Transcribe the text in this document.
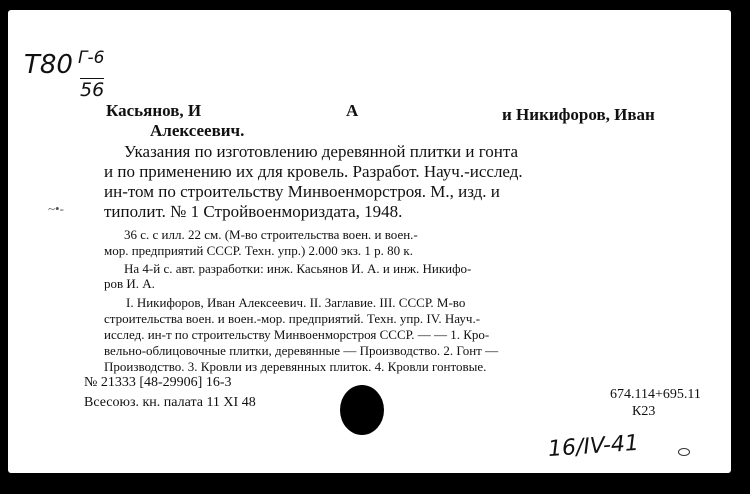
Т80 Г-6
56
Касьянов, И
Алексеевич.
А	и Никифоров, Иван
Указания по изготовлению деревянной плитки и гонта
и по применению их для кровель. Разработ. Науч.-исслед.
ин-том по строительству Минвоенморстроя. М., изд. и
типолит. № 1 Стройвоенмориздата, 1948.
~•-
36 с. с илл. 22 см. (М-во строительства воен. и воен.-
мор. предприятий СССР. Техн. упр.) 2.000 экз. 1 р. 80 к.
На 4-й с. авт. разработки: инж. Касьянов И. А. и инж. Никифо-
ров И. А.
I. Никифоров, Иван Алексеевич. II. Заглавие. III. СССР. М-во
строительства воен. и воен.-мор. предприятий. Техн. упр. IV. Науч.-
исслед. ин-т по строительству Минвоенморстроя СССР. — — 1. Кро-
вельно-облицовочные плитки, деревянные — Производство. 2. Гонт —
Производство. 3. Кровли из деревянных плиток. 4. Кровли гонтовые.
№ 21333 [48-29906] 16-3
674.114+695.11
Всесоюз. кн. палата 11 XI 48
К23
16/IV-41
